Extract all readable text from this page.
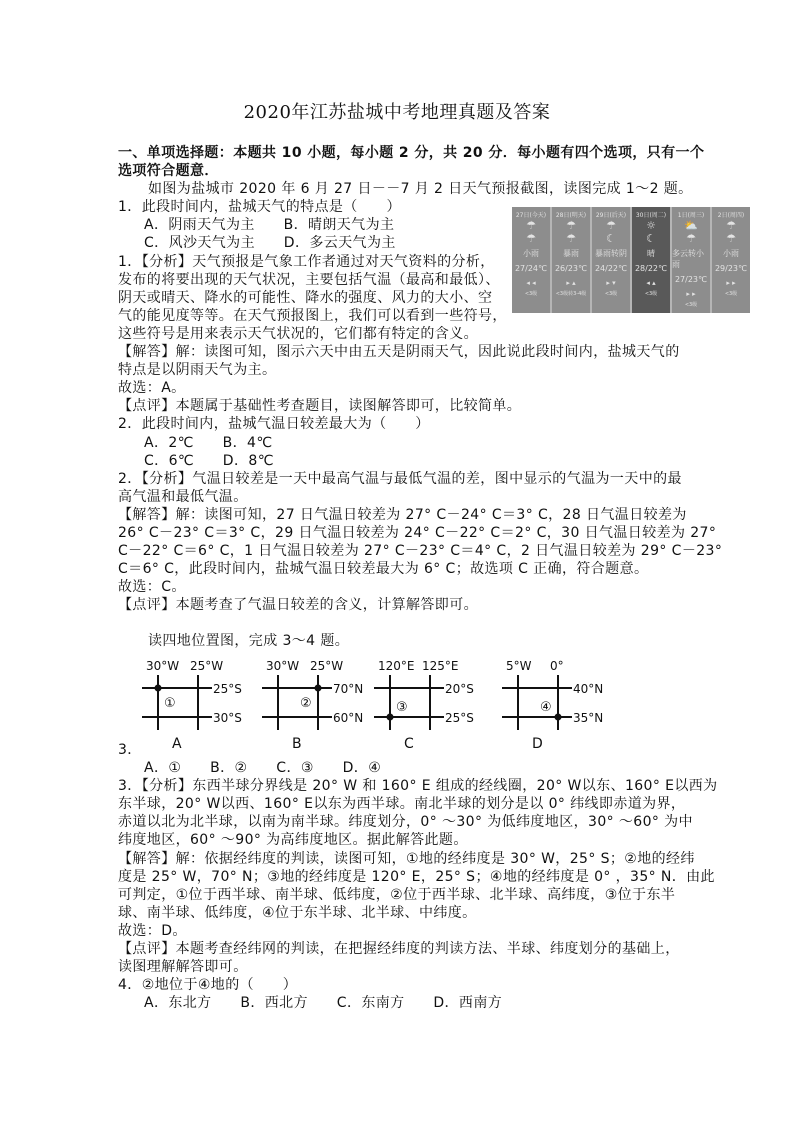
2020年江苏盐城中考地理真题及答案
一、单项选择题：本题共 10 小题，每小题 2 分，共 20 分．每小题有四个选项，只有一个
选项符合题意．
如图为盐城市 2020 年 6 月 27 日－－7 月 2 日天气预报截图，读图完成 1～2 题。
1．此段时间内，盐城天气的特点是（　　）
A．阴雨天气为主　　B．晴朗天气为主
C．风沙天气为主　　D．多云天气为主
1．【分析】天气预报是气象工作者通过对天气资料的分析，
发布的将要出现的天气状况，主要包括气温（最高和最低）、
阴天或晴天、降水的可能性、降水的强度、风力的大小、空
气的能见度等等。在天气预报图上，我们可以看到一些符号，
这些符号是用来表示天气状况的，它们都有特定的含义。
【解答】解：读图可知，图示六天中由五天是阴雨天气，因此说此段时间内，盐城天气的
特点是以阴雨天气为主。
故选：A。
【点评】本题属于基础性考查题目，读图解答即可，比较简单。
2．此段时间内，盐城气温日较差最大为（　　）
A．2℃　　B．4℃
C．6℃　　D．8℃
2．【分析】气温日较差是一天中最高气温与最低气温的差，图中显示的气温为一天中的最
高气温和最低气温。
【解答】解：读图可知，27 日气温日较差为 27° C－24° C＝3° C，28 日气温日较差为
26° C－23° C＝3° C，29 日气温日较差为 24° C－22° C＝2° C，30 日气温日较差为 27°
C－22° C＝6° C，1 日气温日较差为 27° C－23° C＝4° C，2 日气温日较差为 29° C－23°
C＝6° C，此段时间内，盐城气温日较差最大为 6° C；故选项 C 正确，符合题意。
故选：C。
【点评】本题考查了气温日较差的含义，计算解答即可。
读四地位置图，完成 3～4 题。
3．
A．①　　B．②　　C．③　　D．④
3．【分析】东西半球分界线是 20° W 和 160° E 组成的经线圈，20° W以东、160° E以西为
东半球，20° W以西、160° E以东为西半球。南北半球的划分是以 0° 纬线即赤道为界，
赤道以北为北半球，以南为南半球。纬度划分，0° ～30° 为低纬度地区，30° ～60° 为中
纬度地区，60° ～90° 为高纬度地区。据此解答此题。
【解答】解：依据经纬度的判读，读图可知，①地的经纬度是 30° W，25° S；②地的经纬
度是 25° W，70° N；③地的经纬度是 120° E，25° S；④地的经纬度是 0° ，35° N．由此
可判定，①位于西半球、南半球、低纬度，②位于西半球、北半球、高纬度，③位于东半
球、南半球、低纬度，④位于东半球、北半球、中纬度。
故选：D。
【点评】本题考查经纬网的判读，在把握经纬度的判读方法、半球、纬度划分的基础上，
读图理解解答即可。
4．②地位于④地的（　　）
A．东北方　　B．西北方　　C．东南方　　D．西南方
27日(今天)
☂
☂
小雨
27/24℃
◂ ◂
<3级
28日(明天)
☂
☂
暴雨
26/23℃
▸ ▴
<3级转3-4级
29日(后天)
☂
☾
暴雨转阴
24/22℃
▸ ▾
<3级
30日(周二)
☼
☾
晴
28/22℃
◂ ▴
<3级
1日(周三)
⛅
☂
多云转小雨
27/23℃
▸ ▸
<3级
2日(周四)
☂
☂
小雨
29/23℃
▸ ▸
<3级
30°W 25°W
25°S
30°S
①
A
30°W 25°W
70°N
60°N
②
B
120°E 125°E
20°S
25°S
③
C
5°W 0°
40°N
35°N
④
D
